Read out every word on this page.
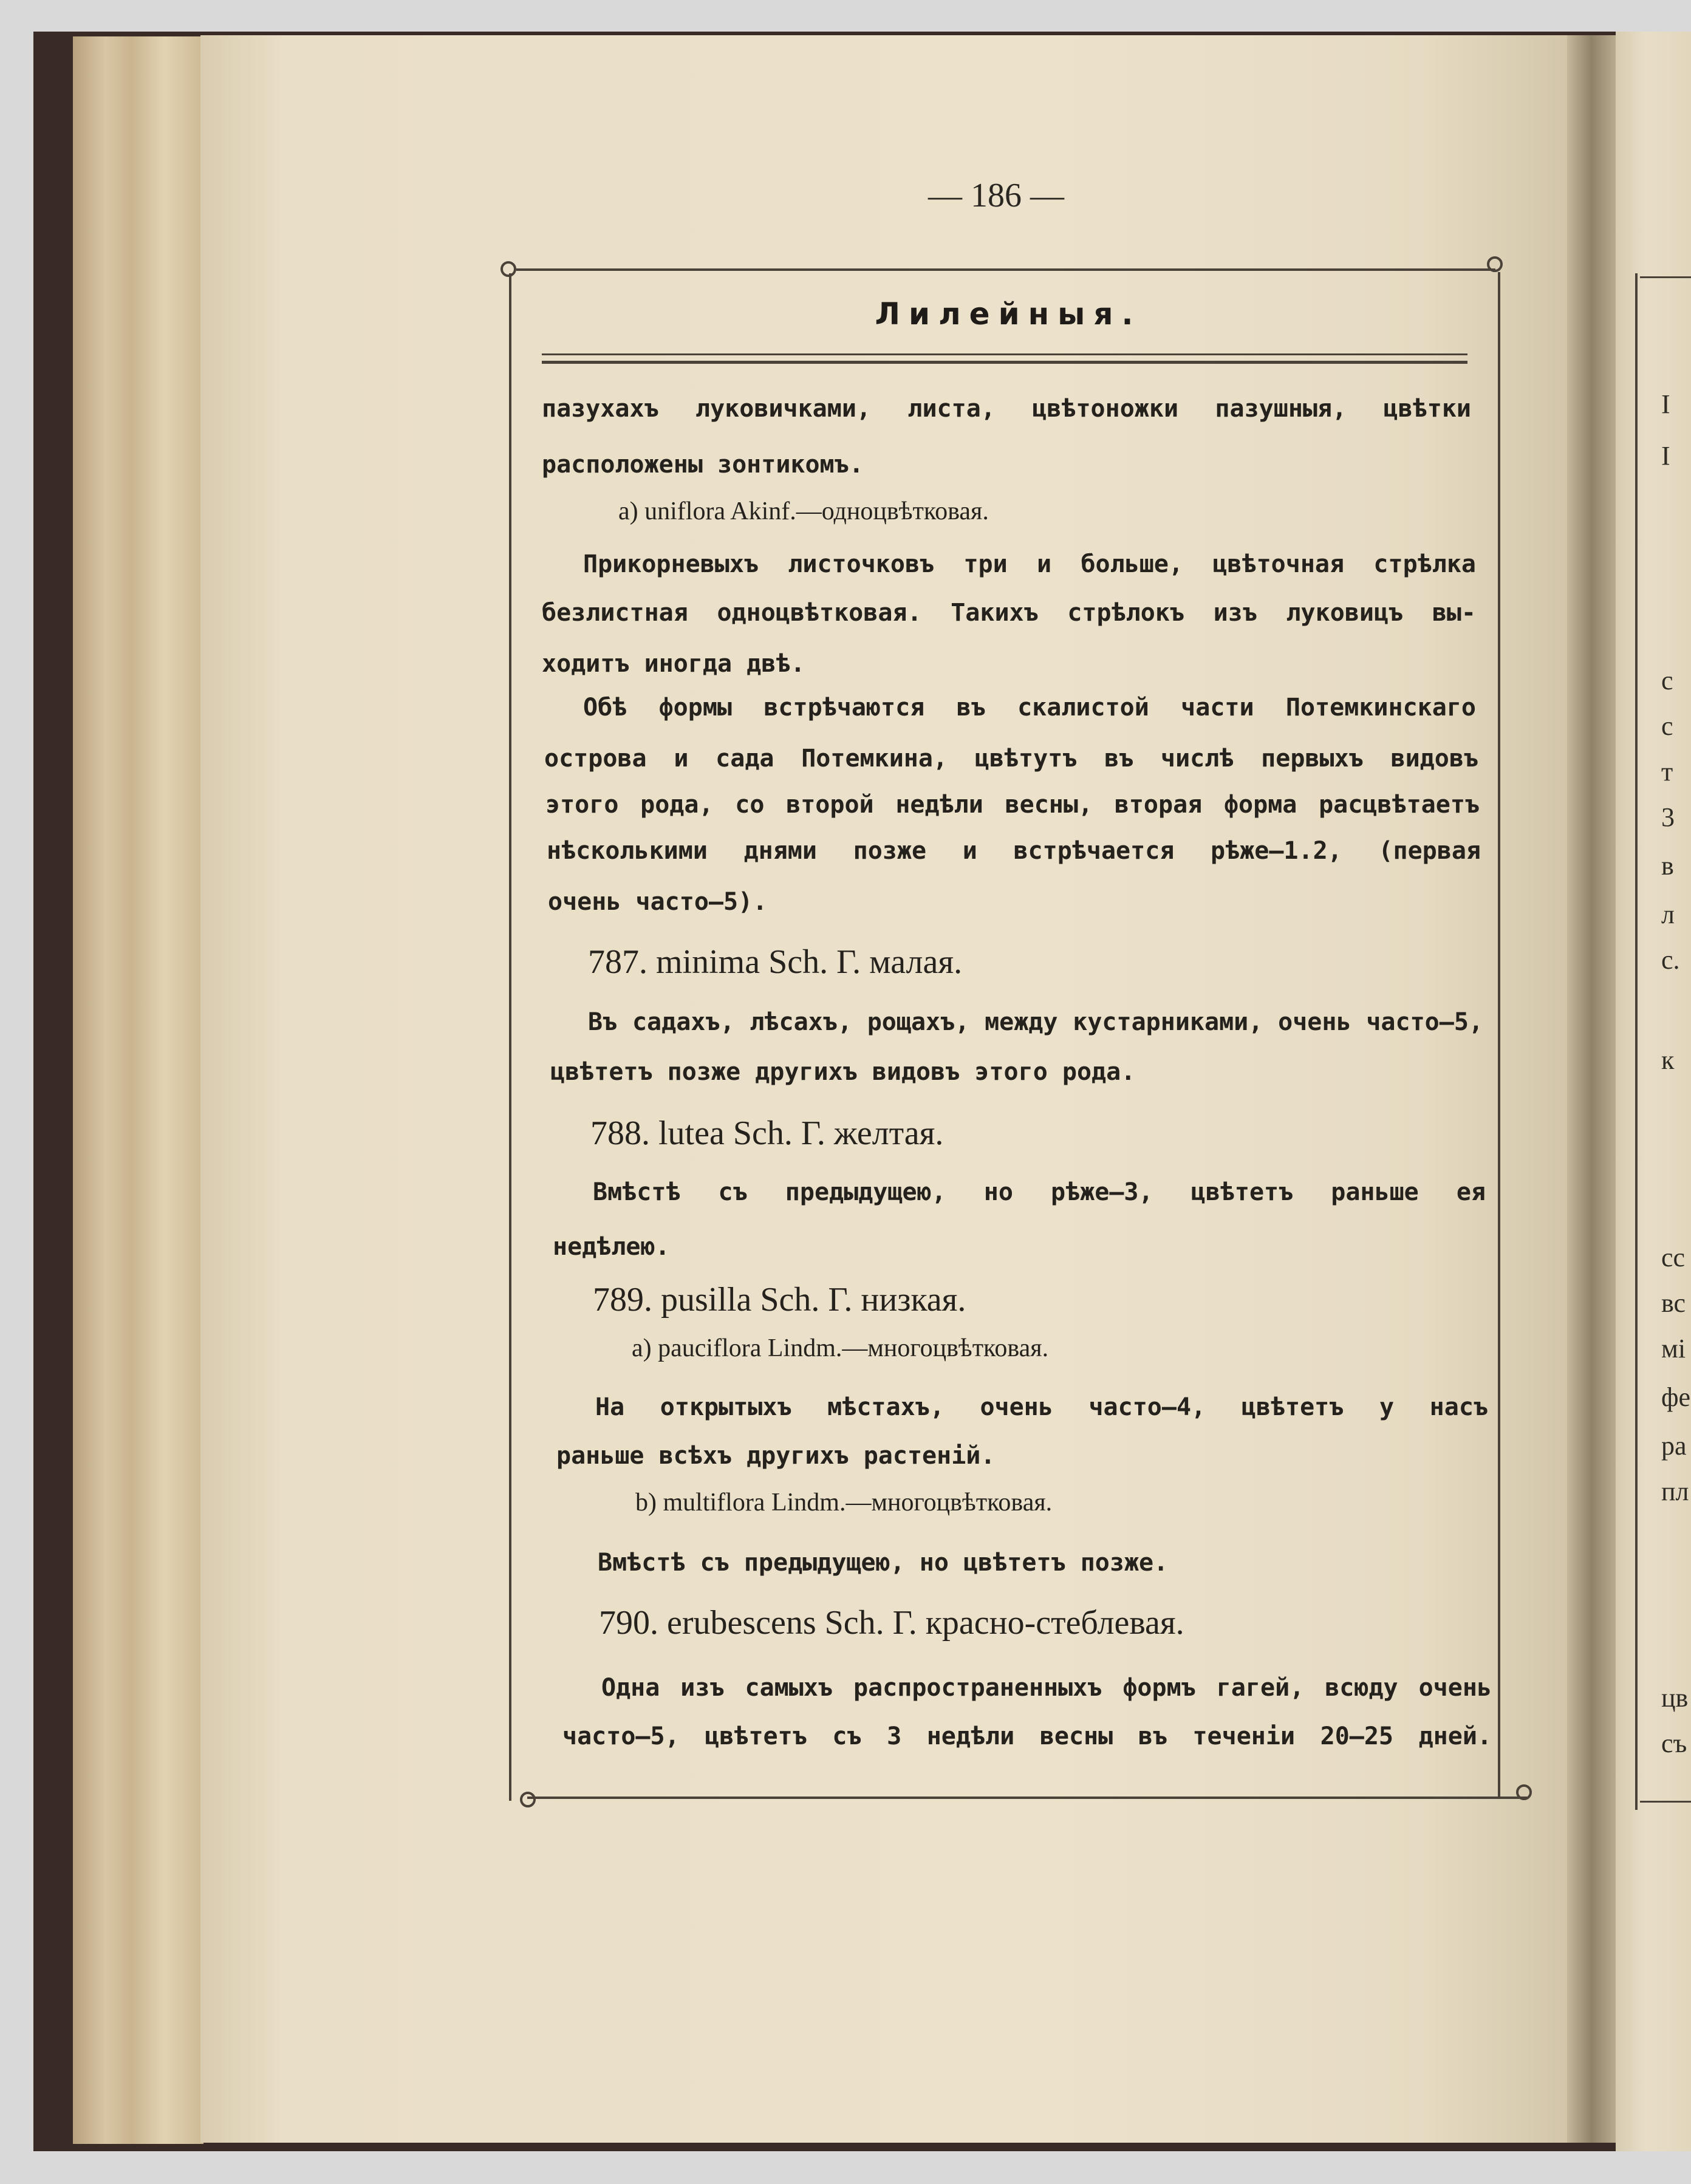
I
I
с
с
т
3
в
л
с.
к
сс
вс
мі
фе
ра
пл
цв
съ
— 186 —
Лилейныя.
пазухахъ луковичками, листа, цвѣтоножки пазушныя, цвѣтки
расположены зонтикомъ.
a) uniflora Akinf.—одноцвѣтковая.
Прикорневыхъ листочковъ три и больше, цвѣточная стрѣлка
безлистная одноцвѣтковая. Такихъ стрѣлокъ изъ луковицъ вы-
ходитъ иногда двѣ.
Обѣ формы встрѣчаются въ скалистой части Потемкинскаго
острова и сада Потемкина, цвѣтутъ въ числѣ первыхъ видовъ
этого рода, со второй недѣли весны, вторая форма расцвѣтаетъ
нѣсколькими днями позже и встрѣчается рѣже—1.2, (первая
очень часто—5).
787. minima Sch. Г. малая.
Въ садахъ, лѣсахъ, рощахъ, между кустарниками, очень часто—5,
цвѣтетъ позже другихъ видовъ этого рода.
788. lutea Sch. Г. желтая.
Вмѣстѣ съ предыдущею, но рѣже—3, цвѣтетъ раньше ея
недѣлею.
789. pusilla Sch. Г. низкая.
a) pauciflora Lindm.—многоцвѣтковая.
На открытыхъ мѣстахъ, очень часто—4, цвѣтетъ у насъ
раньше всѣхъ другихъ растеній.
b) multiflora Lindm.—многоцвѣтковая.
Вмѣстѣ съ предыдущею, но цвѣтетъ позже.
790. erubescens Sch. Г. красно-стеблевая.
Одна изъ самыхъ распространенныхъ формъ гагей, всюду очень
часто—5, цвѣтетъ съ 3 недѣли весны въ теченіи 20—25 дней.
